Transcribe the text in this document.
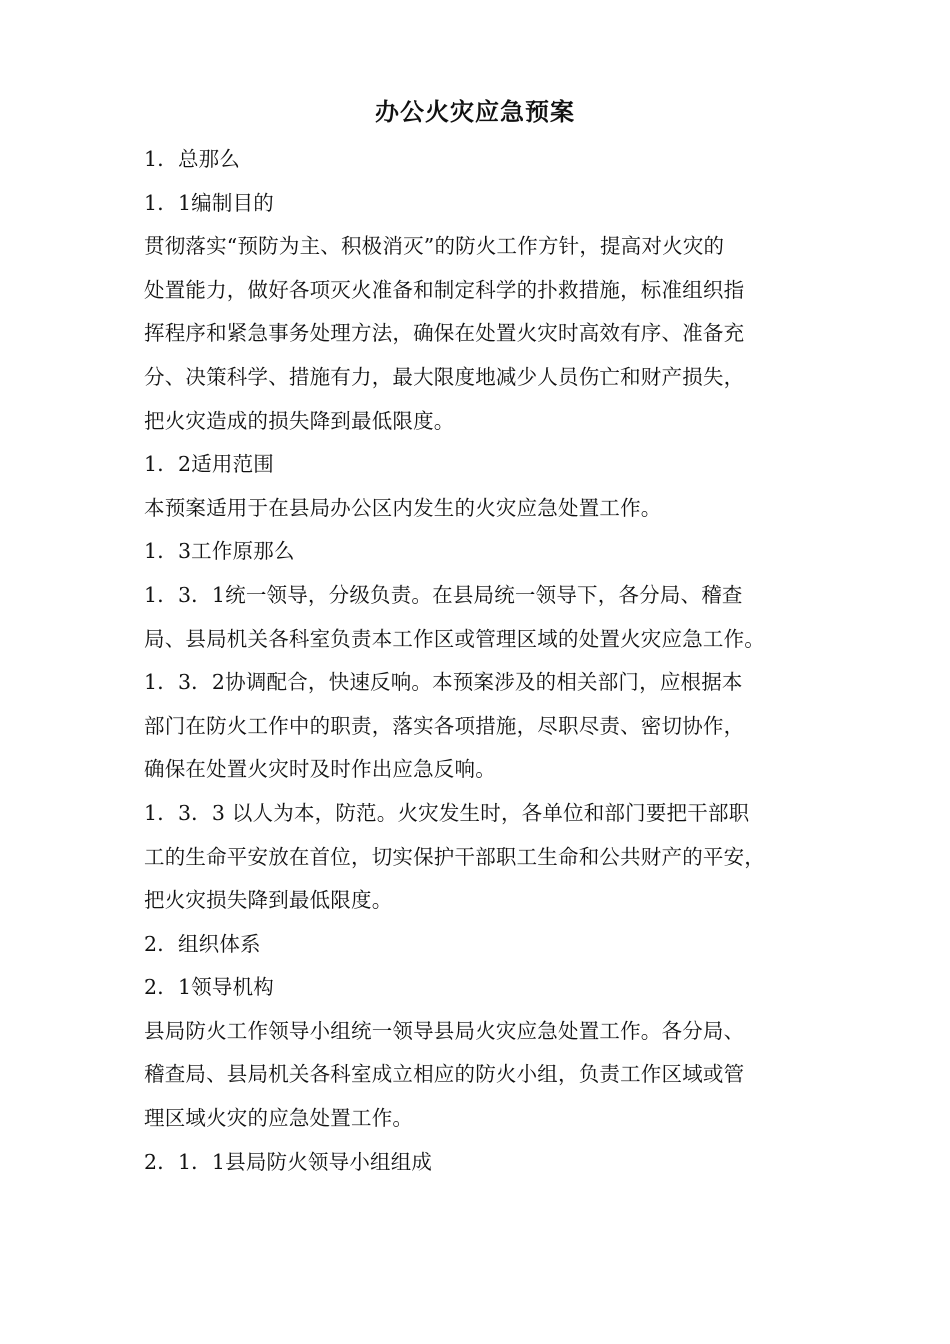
办公火灾应急预案
1．总那么
1．1编制目的
贯彻落实“预防为主、积极消灭”的防火工作方针，提高对火灾的
处置能力，做好各项灭火准备和制定科学的扑救措施，标准组织指
挥程序和紧急事务处理方法，确保在处置火灾时高效有序、准备充
分、决策科学、措施有力，最大限度地减少人员伤亡和财产损失，
把火灾造成的损失降到最低限度。
1．2适用范围
本预案适用于在县局办公区内发生的火灾应急处置工作。
1．3工作原那么
1．3．1统一领导，分级负责。在县局统一领导下，各分局、稽查
局、县局机关各科室负责本工作区或管理区域的处置火灾应急工作。
1．3．2协调配合，快速反响。本预案涉及的相关部门，应根据本
部门在防火工作中的职责，落实各项措施，尽职尽责、密切协作，
确保在处置火灾时及时作出应急反响。
1．3．3 以人为本，防范。火灾发生时，各单位和部门要把干部职
工的生命平安放在首位，切实保护干部职工生命和公共财产的平安，
把火灾损失降到最低限度。
2．组织体系
2．1领导机构
县局防火工作领导小组统一领导县局火灾应急处置工作。各分局、
稽查局、县局机关各科室成立相应的防火小组，负责工作区域或管
理区域火灾的应急处置工作。
2．1．1县局防火领导小组组成
